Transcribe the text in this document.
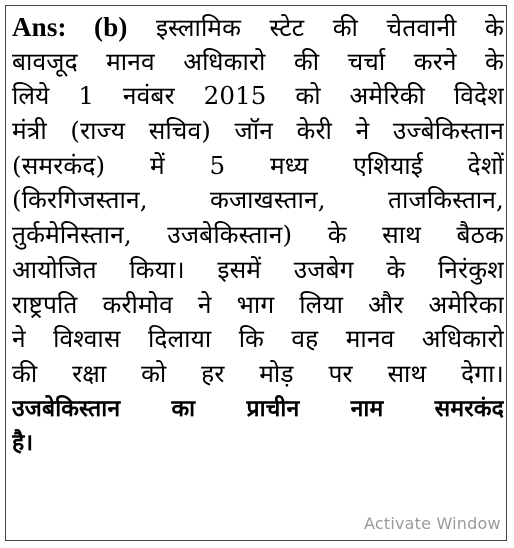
Ans: (b) इस्लामिक स्टेट की चेतवानी के
बावजूद मानव अधिकारो की चर्चा करने के
लिये 1 नवंबर 2015 को अमेरिकी विदेश
मंत्री (राज्य सचिव) जॉन केरी ने उज्बेकिस्तान
(समरकंद) में 5 मध्य एशियाई देशों
(किरगिजस्तान, कजाखस्तान, ताजकिस्तान,
तुर्कमेनिस्तान, उजबेकिस्तान) के साथ बैठक
आयोजित किया। इसमें उजबेग के निरंकुश
राष्ट्रपति करीमोव ने भाग लिया और अमेरिका
ने विश्वास दिलाया कि वह मानव अधिकारो
की रक्षा को हर मोड़ पर साथ देगा।
उजबेकिस्तान का प्राचीन नाम समरकंद
है।
Activate Window
